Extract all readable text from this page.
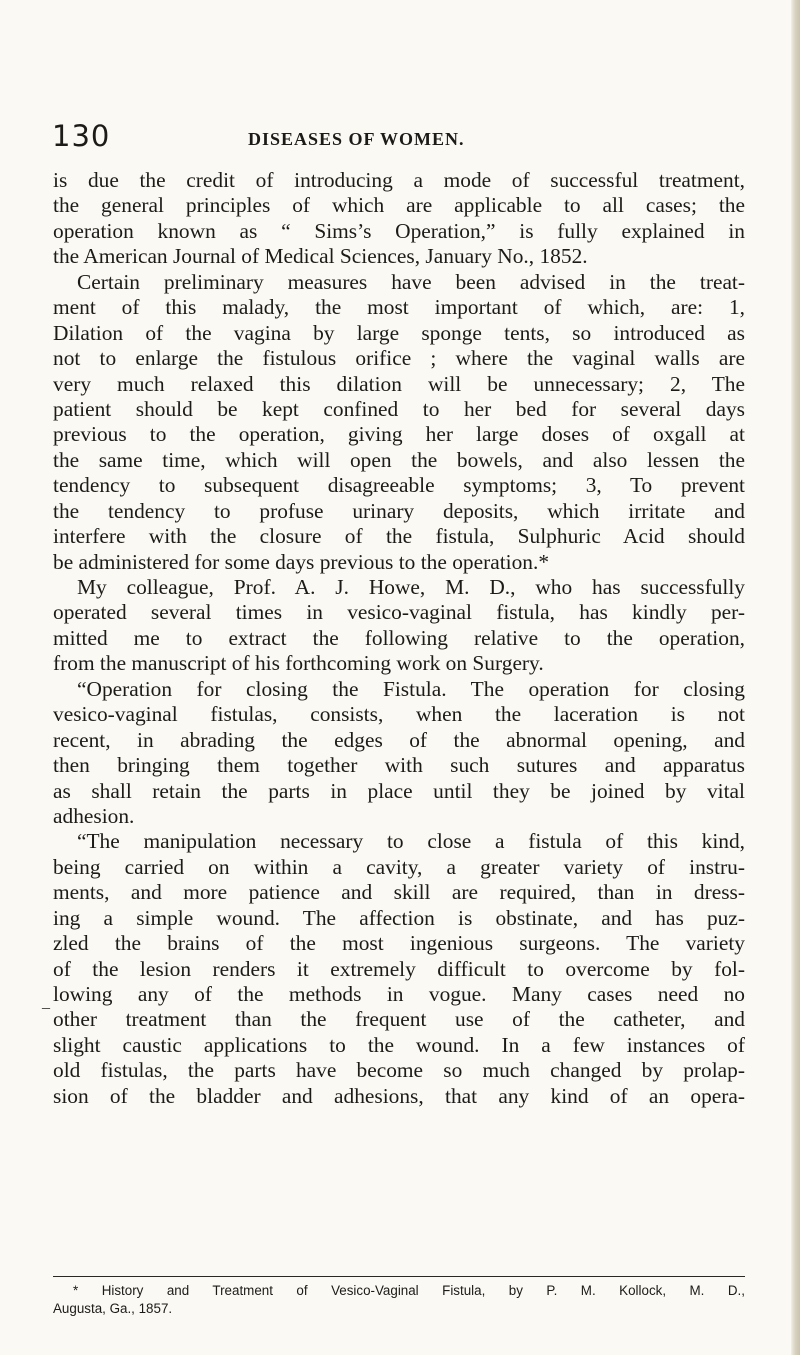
130	DISEASES OF WOMEN.
is due the credit of introducing a mode of successful treatment,
the general principles of which are applicable to all cases; the
operation known as “ Sims’s Operation,” is fully explained in
the American Journal of Medical Sciences, January No., 1852.
Certain preliminary measures have been advised in the treat-
ment of this malady, the most important of which, are: 1,
Dilation of the vagina by large sponge tents, so introduced as
not to enlarge the fistulous orifice ; where the vaginal walls are
very much relaxed this dilation will be unnecessary; 2, The
patient should be kept confined to her bed for several days
previous to the operation, giving her large doses of oxgall at
the same time, which will open the bowels, and also lessen the
tendency to subsequent disagreeable symptoms; 3, To prevent
the tendency to profuse urinary deposits, which irritate and
interfere with the closure of the fistula, Sulphuric Acid should
be administered for some days previous to the operation.*
My colleague, Prof. A. J. Howe, M. D., who has successfully
operated several times in vesico-vaginal fistula, has kindly per-
mitted me to extract the following relative to the operation,
from the manuscript of his forthcoming work on Surgery.
“Operation for closing the Fistula. The operation for closing
vesico-vaginal fistulas, consists, when the laceration is not
recent, in abrading the edges of the abnormal opening, and
then bringing them together with such sutures and apparatus
as shall retain the parts in place until they be joined by vital
adhesion.
“The manipulation necessary to close a fistula of this kind,
being carried on within a cavity, a greater variety of instru-
ments, and more patience and skill are required, than in dress-
ing a simple wound. The affection is obstinate, and has puz-
zled the brains of the most ingenious surgeons. The variety
of the lesion renders it extremely difficult to overcome by fol-
lowing any of the methods in vogue. Many cases need no
other treatment than the frequent use of the catheter, and
slight caustic applications to the wound. In a few instances of
old fistulas, the parts have become so much changed by prolap-
sion of the bladder and adhesions, that any kind of an opera-
_
* History and Treatment of Vesico-Vaginal Fistula, by P. M. Kollock, M. D.,
Augusta, Ga., 1857.
